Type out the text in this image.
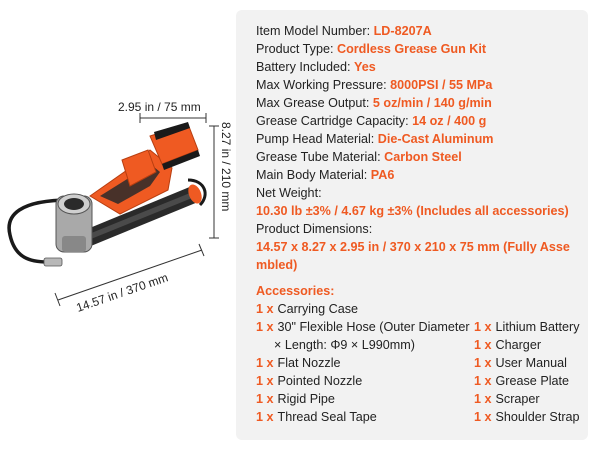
2.95 in / 75 mm
8.27 in / 210 mm
14.57 in / 370 mm
Item Model Number: LD-8207A
Product Type: Cordless Grease Gun Kit
Battery Included: Yes
Max Working Pressure: 8000PSI / 55 MPa
Max Grease Output: 5 oz/min / 140 g/min
Grease Cartridge Capacity: 14 oz / 400 g
Pump Head Material: Die-Cast Aluminum
Grease Tube Material: Carbon Steel
Main Body Material: PA6
Net Weight:
10.30 lb ±3% / 4.67 kg ±3% (Includes all accessories)
Product Dimensions:
14.57 x 8.27 x 2.95 in / 370 x 210 x 75 mm (Fully Asse
mbled)
Accessories:
1 x Carrying Case
1 x 30" Flexible Hose (Outer Diameter
× Length: Φ9 × L990mm)
1 x Flat Nozzle
1 x Pointed Nozzle
1 x Rigid Pipe
1 x Thread Seal Tape
1 x Lithium Battery
1 x Charger
1 x User Manual
1 x Grease Plate
1 x Scraper
1 x Shoulder Strap
